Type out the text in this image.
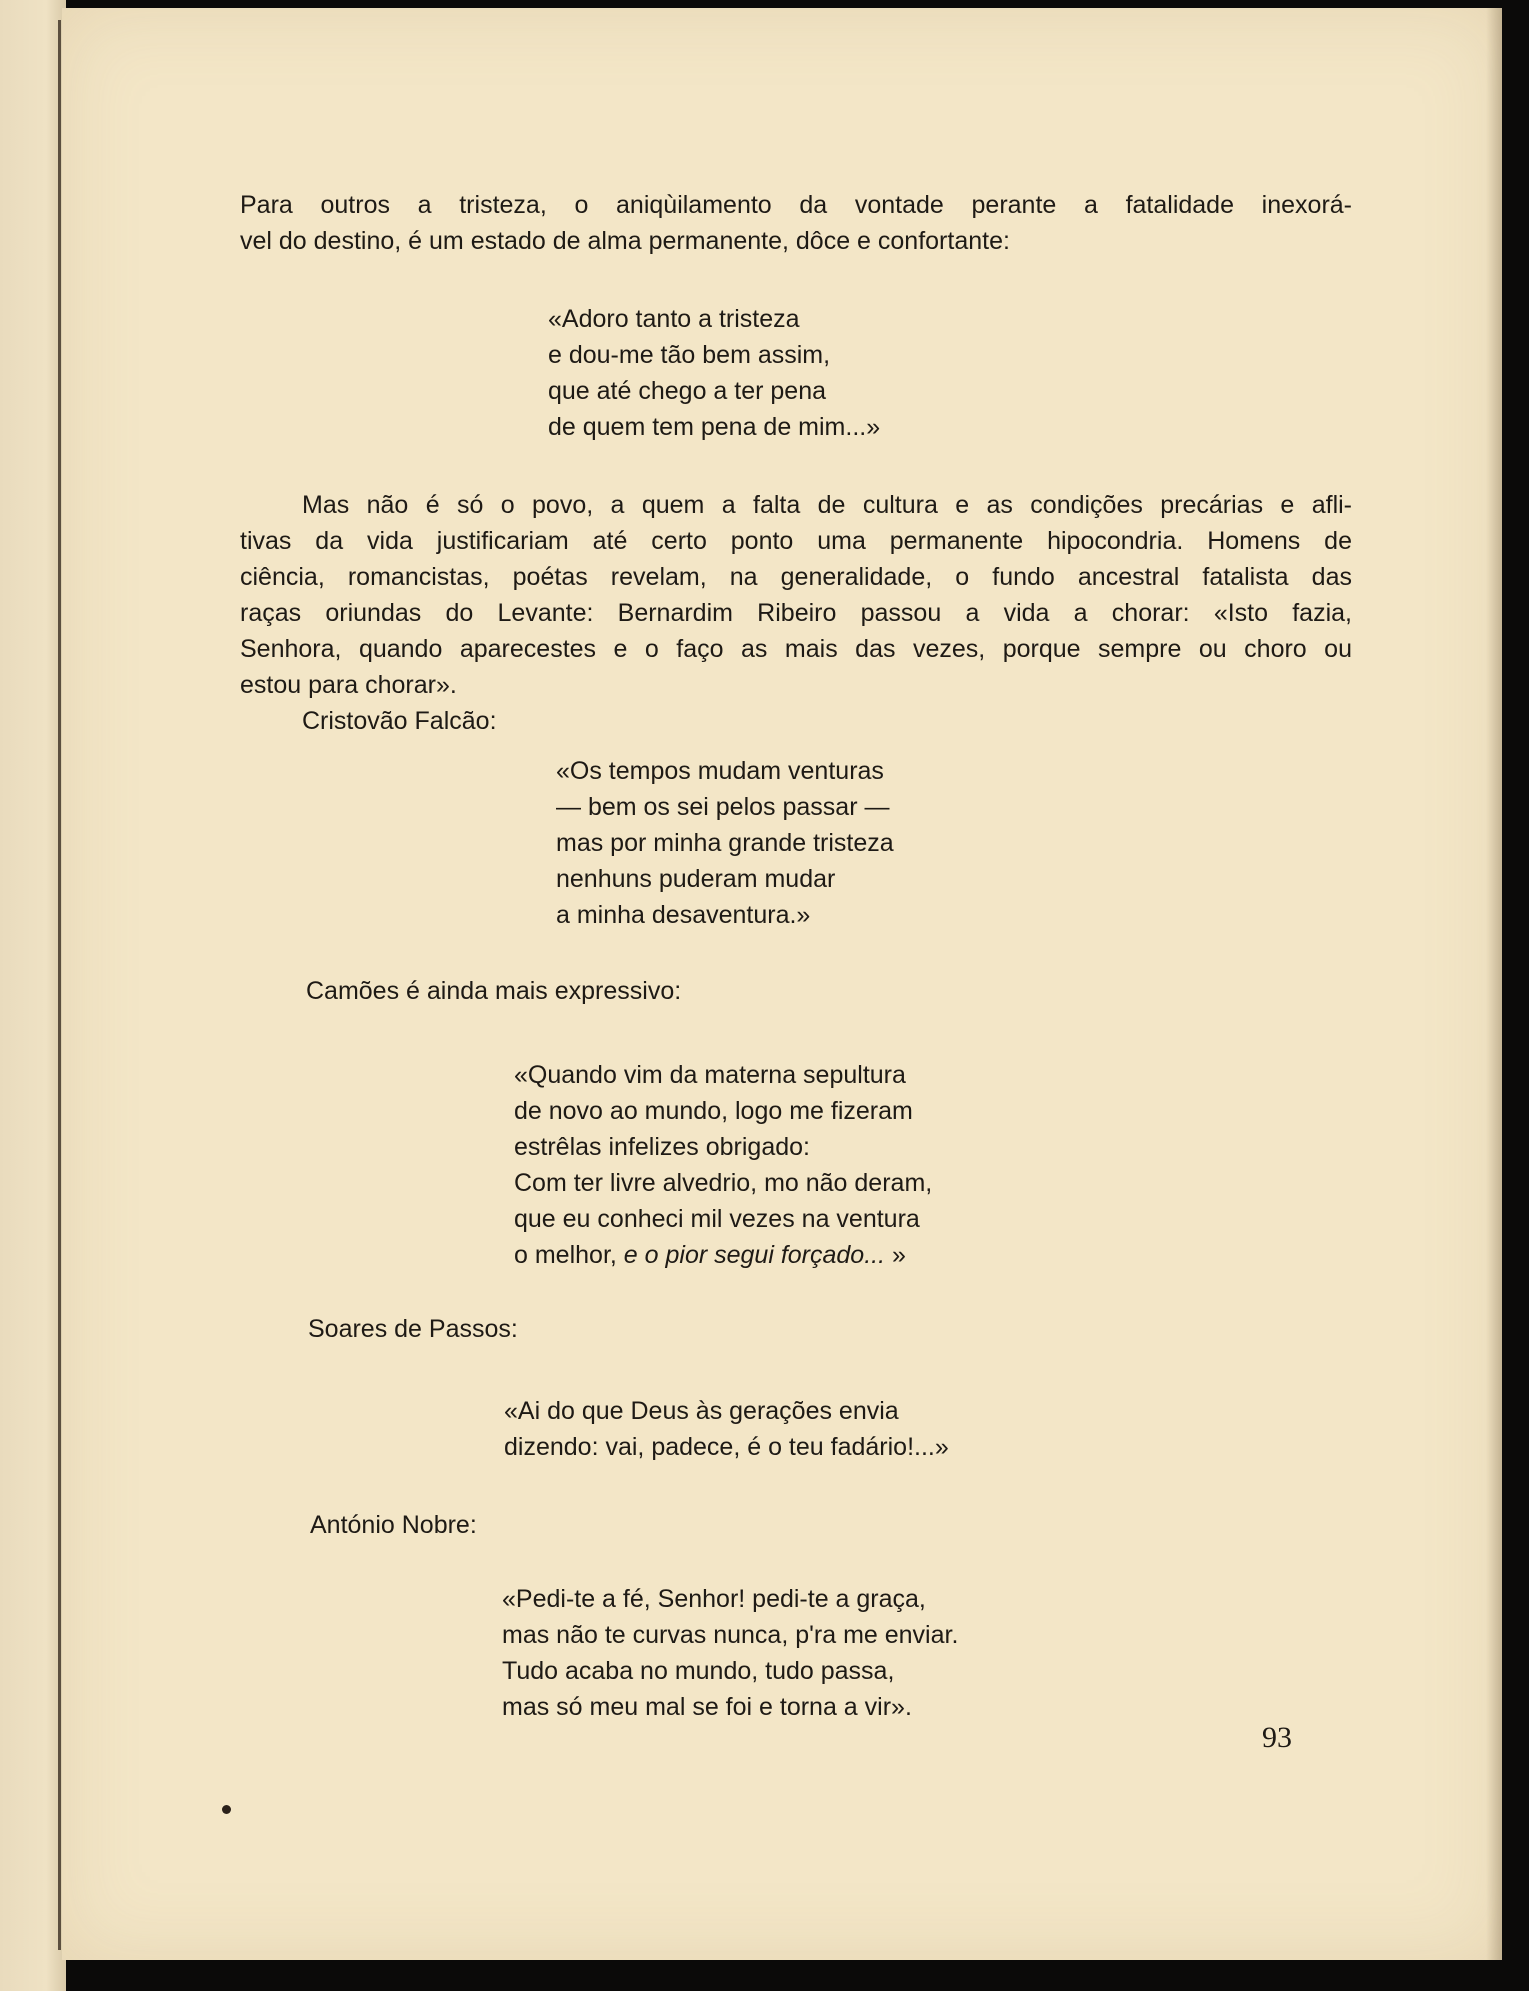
Para outros a tristeza, o aniqùilamento da vontade perante a fatalidade inexorá-
vel do destino, é um estado de alma permanente, dôce e confortante:
«Adoro tanto a tristeza
e dou-me tão bem assim,
que até chego a ter pena
de quem tem pena de mim...»
Mas não é só o povo, a quem a falta de cultura e as condições precárias e afli-
tivas da vida justificariam até certo ponto uma permanente hipocondria. Homens de
ciência, romancistas, poétas revelam, na generalidade, o fundo ancestral fatalista das
raças oriundas do Levante: Bernardim Ribeiro passou a vida a chorar: «Isto fazia,
Senhora, quando aparecestes e o faço as mais das vezes, porque sempre ou choro ou
estou para chorar».
Cristovão Falcão:
«Os tempos mudam venturas
— bem os sei pelos passar —
mas por minha grande tristeza
nenhuns puderam mudar
a minha desaventura.»
Camões é ainda mais expressivo:
«Quando vim da materna sepultura
de novo ao mundo, logo me fizeram
estrêlas infelizes obrigado:
Com ter livre alvedrio, mo não deram,
que eu conheci mil vezes na ventura
o melhor, e o pior segui forçado... »
Soares de Passos:
«Ai do que Deus às gerações envia
dizendo: vai, padece, é o teu fadário!...»
António Nobre:
«Pedi-te a fé, Senhor! pedi-te a graça,
mas não te curvas nunca, p'ra me enviar.
Tudo acaba no mundo, tudo passa,
mas só meu mal se foi e torna a vir».
93
